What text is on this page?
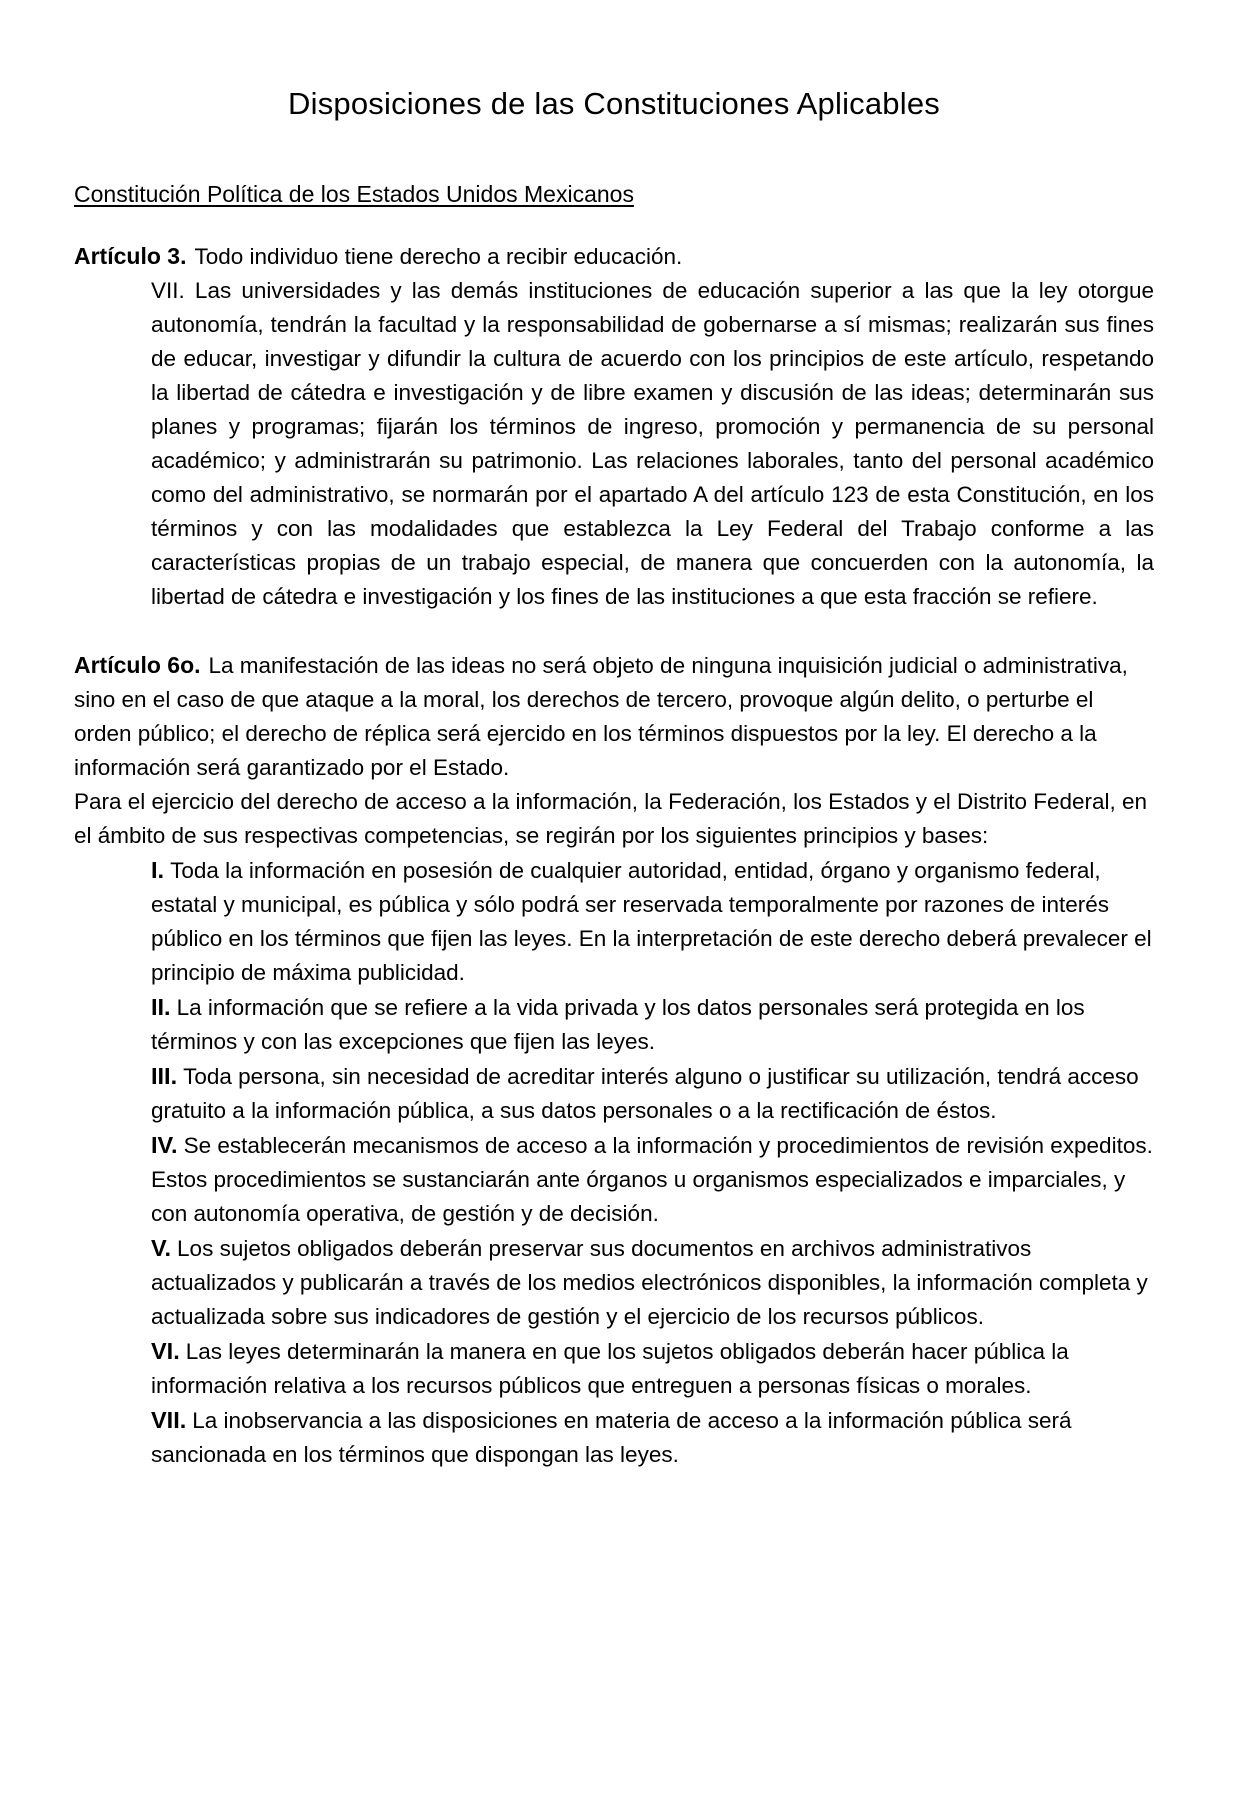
Disposiciones de las Constituciones Aplicables
Constitución Política de los Estados Unidos Mexicanos

Artículo 3. Todo individuo tiene derecho a recibir educación.

VII. Las universidades y las demás instituciones de educación superior a las que la ley otorgue autonomía, tendrán la facultad y la responsabilidad de gobernarse a sí mismas; realizarán sus fines de educar, investigar y difundir la cultura de acuerdo con los principios de este artículo, respetando la libertad de cátedra e investigación y de libre examen y discusión de las ideas; determinarán sus planes y programas; fijarán los términos de ingreso, promoción y permanencia de su personal académico; y administrarán su patrimonio. Las relaciones laborales, tanto del personal académico como del administrativo, se normarán por el apartado A del artículo 123 de esta Constitución, en los términos y con las modalidades que establezca la Ley Federal del Trabajo conforme a las características propias de un trabajo especial, de manera que concuerden con la autonomía, la libertad de cátedra e investigación y los fines de las instituciones a que esta fracción se refiere.

Artículo 6o. La manifestación de las ideas no será objeto de ninguna inquisición judicial o administrativa, sino en el caso de que ataque a la moral, los derechos de tercero, provoque algún delito, o perturbe el orden público; el derecho de réplica será ejercido en los términos dispuestos por la ley. El derecho a la información será garantizado por el Estado.

Para el ejercicio del derecho de acceso a la información, la Federación, los Estados y el Distrito Federal, en el ámbito de sus respectivas competencias, se regirán por los siguientes principios y bases:

I. Toda la información en posesión de cualquier autoridad, entidad, órgano y organismo federal, estatal y municipal, es pública y sólo podrá ser reservada temporalmente por razones de interés público en los términos que fijen las leyes. En la interpretación de este derecho deberá prevalecer el principio de máxima publicidad.

II. La información que se refiere a la vida privada y los datos personales será protegida en los términos y con las excepciones que fijen las leyes.

III. Toda persona, sin necesidad de acreditar interés alguno o justificar su utilización, tendrá acceso gratuito a la información pública, a sus datos personales o a la rectificación de éstos.

IV. Se establecerán mecanismos de acceso a la información y procedimientos de revisión expeditos. Estos procedimientos se sustanciarán ante órganos u organismos especializados e imparciales, y con autonomía operativa, de gestión y de decisión.

V. Los sujetos obligados deberán preservar sus documentos en archivos administrativos actualizados y publicarán a través de los medios electrónicos disponibles, la información completa y actualizada sobre sus indicadores de gestión y el ejercicio de los recursos públicos.

VI. Las leyes determinarán la manera en que los sujetos obligados deberán hacer pública la información relativa a los recursos públicos que entreguen a personas físicas o morales.

VII. La inobservancia a las disposiciones en materia de acceso a la información pública será sancionada en los términos que dispongan las leyes.
